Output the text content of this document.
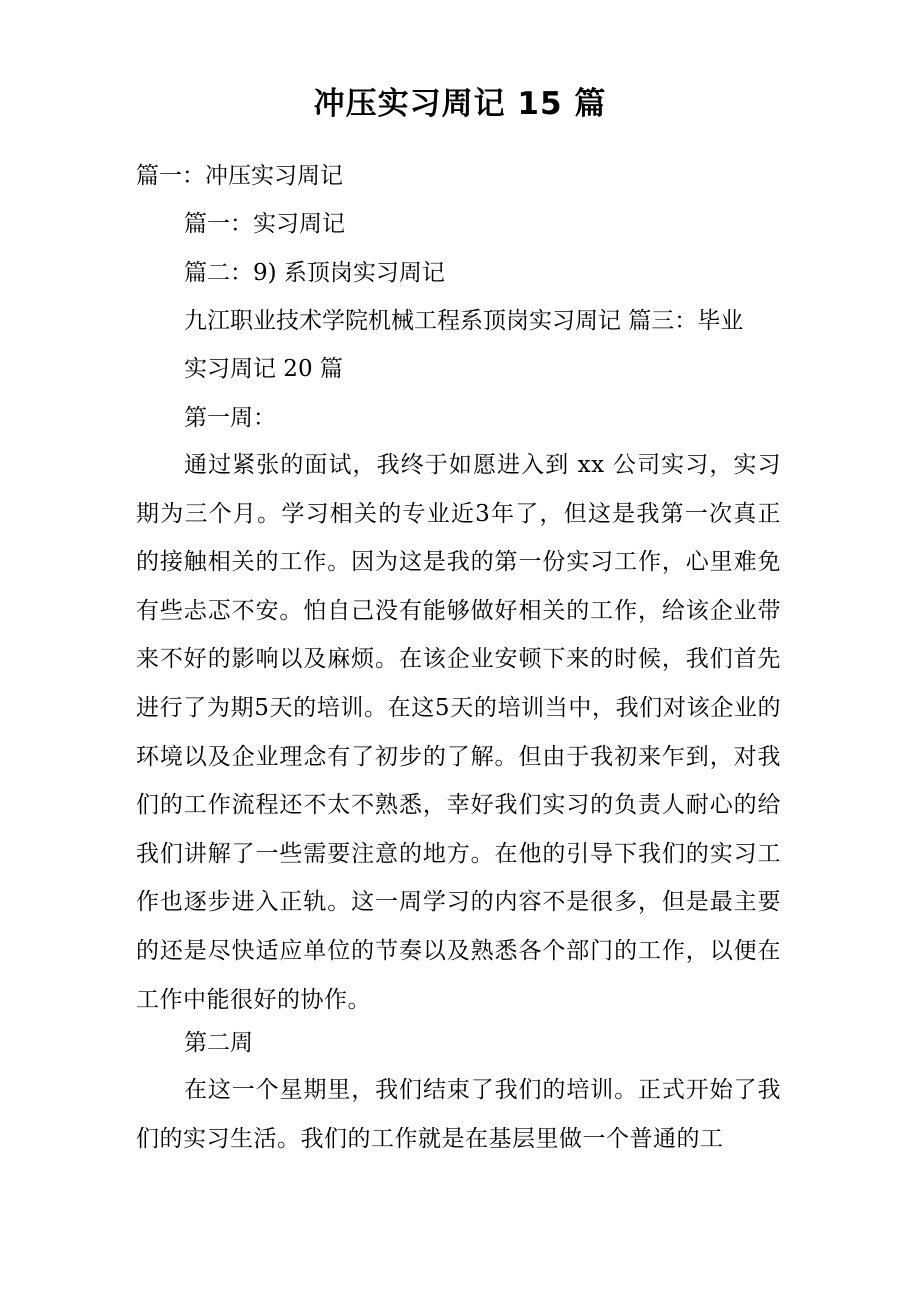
冲压实习周记 15 篇
篇一：冲压实习周记
篇一：实习周记
篇二：9) 系顶岗实习周记
九江职业技术学院机械工程系顶岗实习周记 篇三：毕业
实习周记 20 篇
第一周：
通过紧张的面试，我终于如愿进入到 xx 公司实习，实习期为三个月。学习相关的专业近3年了，但这是我第一次真正的接触相关的工作。因为这是我的第一份实习工作，心里难免有些忐忑不安。怕自己没有能够做好相关的工作，给该企业带来不好的影响以及麻烦。在该企业安顿下来的时候，我们首先进行了为期5天的培训。在这5天的培训当中，我们对该企业的环境以及企业理念有了初步的了解。但由于我初来乍到，对我们的工作流程还不太不熟悉，幸好我们实习的负责人耐心的给我们讲解了一些需要注意的地方。在他的引导下我们的实习工作也逐步进入正轨。这一周学习的内容不是很多，但是最主要的还是尽快适应单位的节奏以及熟悉各个部门的工作，以便在工作中能很好的协作。
第二周
在这一个星期里，我们结束了我们的培训。正式开始了我们的实习生活。我们的工作就是在基层里做一个普通的工
